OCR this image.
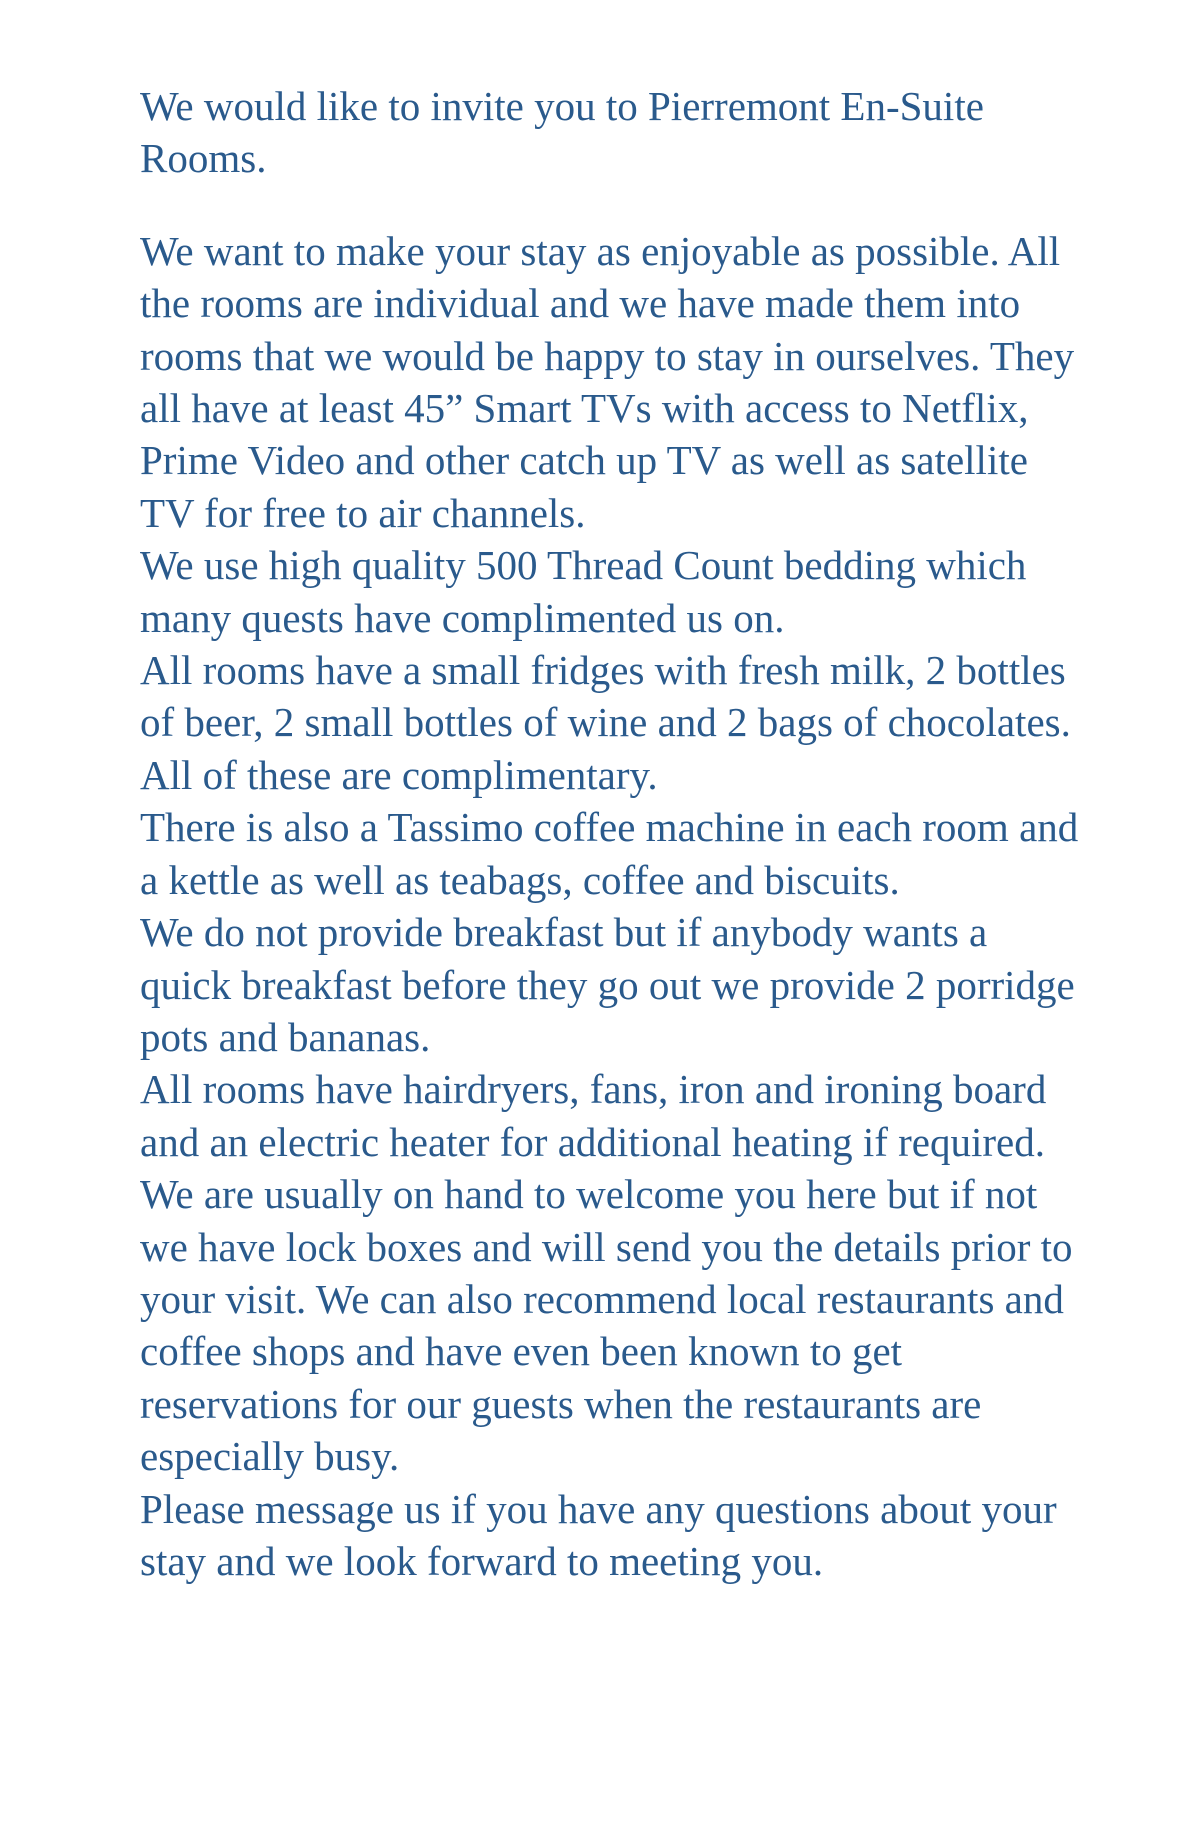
We would like to invite you to Pierremont En-Suite Rooms.

We want to make your stay as enjoyable as possible. All the rooms are individual and we have made them into rooms that we would be happy to stay in ourselves. They all have at least 45” Smart TVs with access to Netflix, Prime Video and other catch up TV as well as satellite TV for free to air channels.

We use high quality 500 Thread Count bedding which many quests have complimented us on.

All rooms have a small fridges with fresh milk, 2 bottles of beer, 2 small bottles of wine and 2 bags of chocolates. All of these are complimentary.

There is also a Tassimo coffee machine in each room and a kettle as well as teabags, coffee and biscuits.

We do not provide breakfast but if anybody wants a quick breakfast before they go out we provide 2 porridge pots and bananas.

All rooms have hairdryers, fans, iron and ironing board and an electric heater for additional heating if required.

We are usually on hand to welcome you here but if not we have lock boxes and will send you the details prior to your visit. We can also recommend local restaurants and coffee shops and have even been known to get reservations for our guests when the restaurants are especially busy.

Please message us if you have any questions about your stay and we look forward to meeting you.
